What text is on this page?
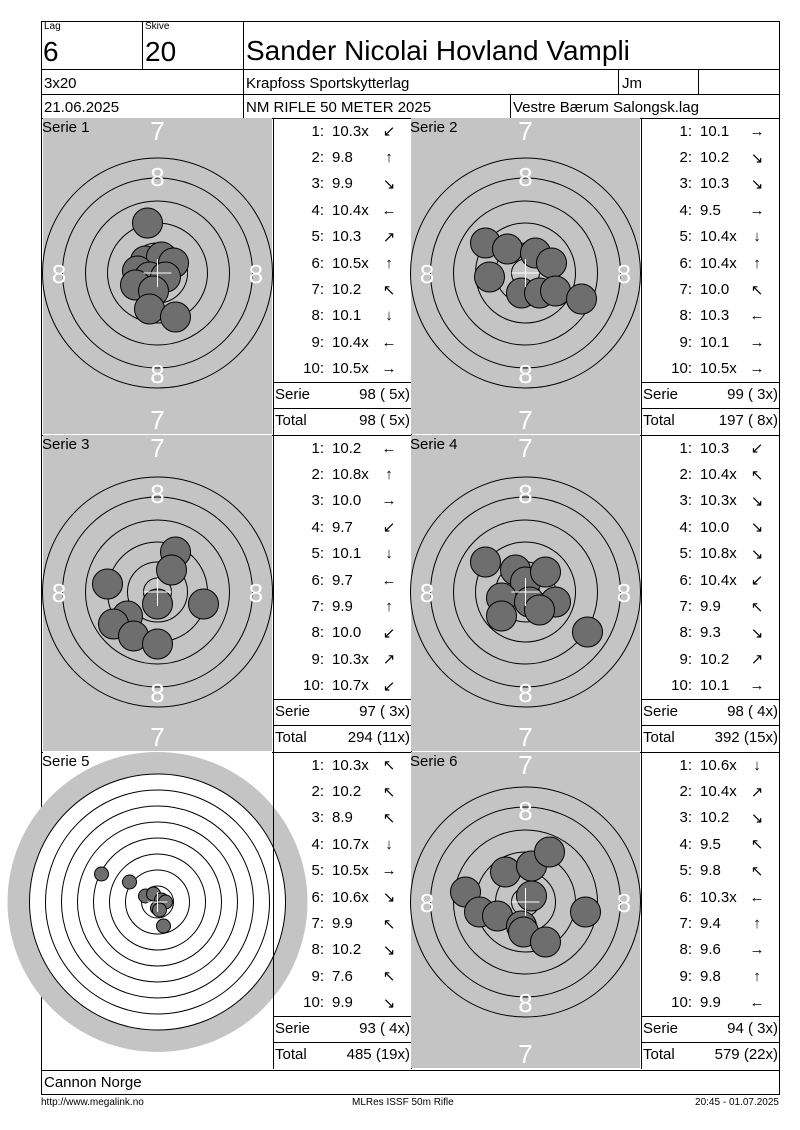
Lag
6
Skive
20 Sander Nicolai Hovland Vampli
3x20	Krapfoss Sportskytterlag	Jm
21.06.2025	NM RIFLE 50 METER 2025	Vestre Bærum Salongsk.lag
7
8
8	8
8
7
Serie 1	1:	10.3x	↙
2:	9.8	↑
3:	9.9	↘
4:	10.4x	←
5:	10.3	↗
6:	10.5x	↑
7:	10.2	↖
8:	10.1	↓
9:	10.4x	←
10:	10.5x	→
Serie	98 ( 5x)
Total	98 ( 5x)
7
8
8	8
8
7
Serie 2	1:	10.1	→
2:	10.2	↘
3:	10.3	↘
4:	9.5	→
5:	10.4x	↓
6:	10.4x	↑
7:	10.0	↖
8:	10.3	←
9:	10.1	→
10:	10.5x	→
Serie	99 ( 3x)
Total	197 ( 8x)
7
8
8	8
8
7
Serie 3	1:	10.2	←
2:	10.8x	↑
3:	10.0	→
4:	9.7	↙
5:	10.1	↓
6:	9.7	←
7:	9.9	↑
8:	10.0	↙
9:	10.3x	↗
10:	10.7x	↙
Serie	97 ( 3x)
Total	294 (11x)
7
8
8	8
8
7
Serie 4	1:	10.3	↙
2:	10.4x	↖
3:	10.3x	↘
4:	10.0	↘
5:	10.8x	↘
6:	10.4x	↙
7:	9.9	↖
8:	9.3	↘
9:	10.2	↗
10:	10.1	→
Serie	98 ( 4x)
Total	392 (15x)
3
3
3	3
4
4
4	4
5
5
5	5
6
6
6	6
7
7
7	7
8
8
8	8
Serie 5	1:	10.3x	↖
2:	10.2	↖
3:	8.9	↖
4:	10.7x	↓
5:	10.5x	→
6:	10.6x	↘
7:	9.9	↖
8:	10.2	↘
9:	7.6	↖
10:	9.9	↘
Serie	93 ( 4x)
Total	485 (19x)
7
8
8	8
8
7
Serie 6	1:	10.6x	↓
2:	10.4x	↗
3:	10.2	↘
4:	9.5	↖
5:	9.8	↖
6:	10.3x	←
7:	9.4	↑
8:	9.6	→
9:	9.8	↑
10:	9.9	←
Serie	94 ( 3x)
Total	579 (22x)
Cannon Norge
http://www.megalink.no	MLRes ISSF 50m Rifle	20:45 - 01.07.2025
